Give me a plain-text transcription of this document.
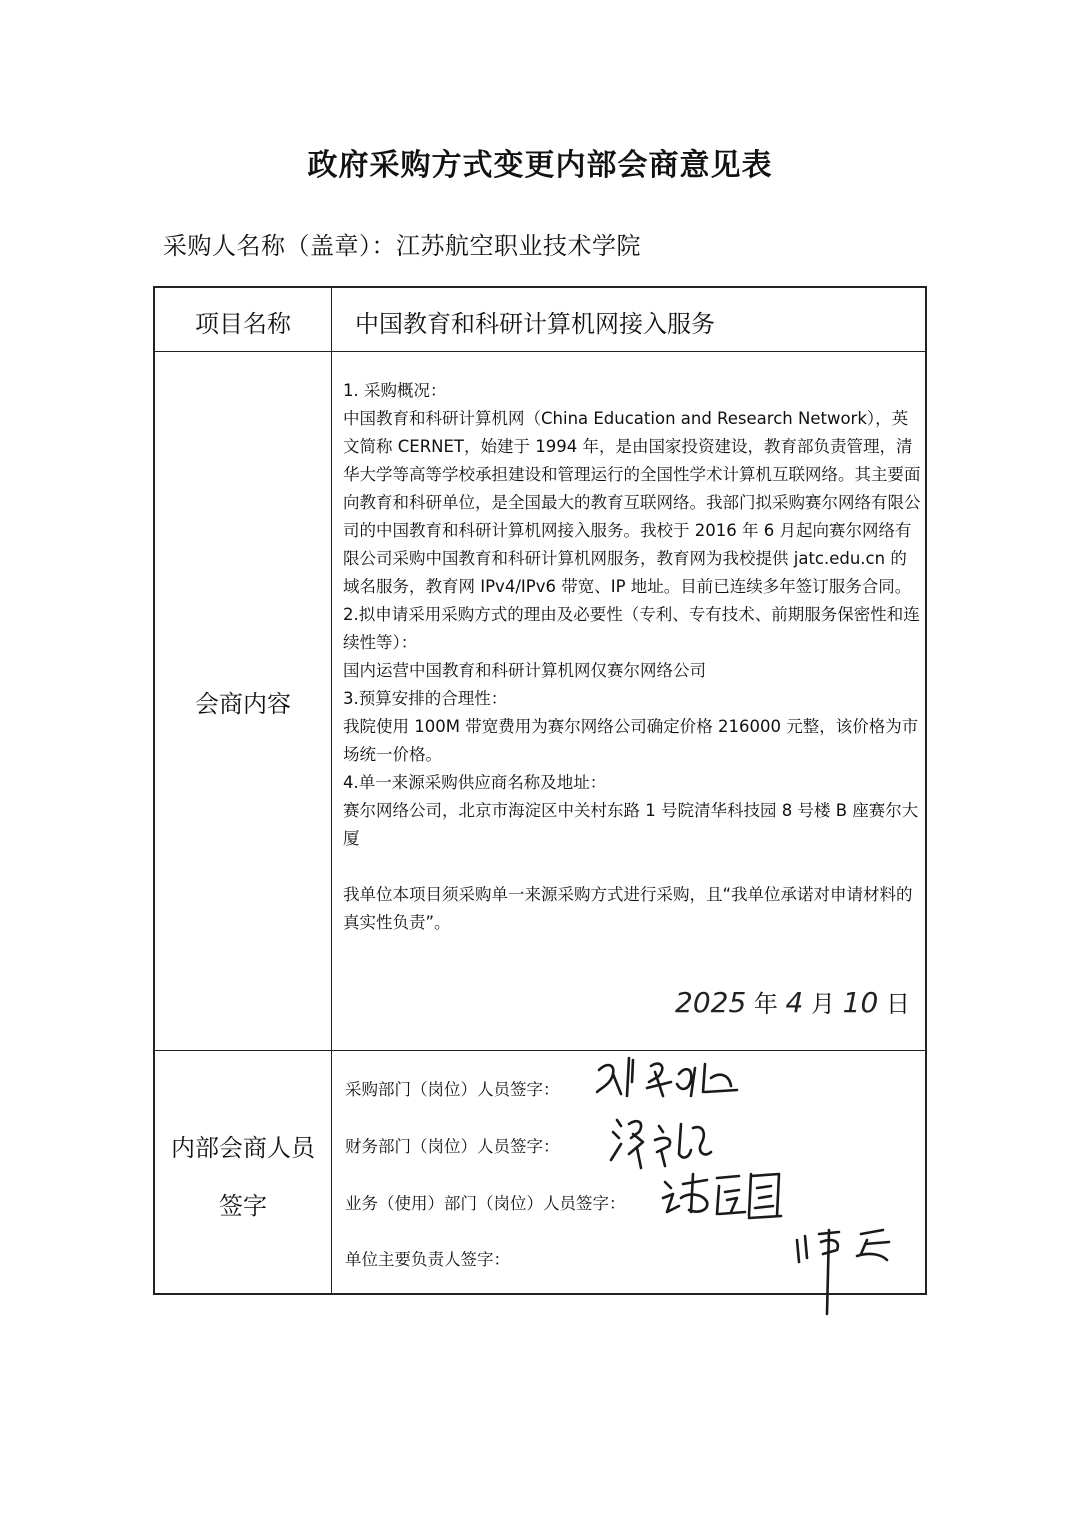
政府采购方式变更内部会商意见表
采购人名称（盖章）：江苏航空职业技术学院
项目名称	中国教育和科研计算机网接入服务
会商内容

1. 采购概况：

中国教育和科研计算机网（China Education and Research Network），英文简称 CERNET，始建于 1994 年，是由国家投资建设，教育部负责管理，清华大学等高等学校承担建设和管理运行的全国性学术计算机互联网络。其主要面向教育和科研单位，是全国最大的教育互联网络。我部门拟采购赛尔网络有限公司的中国教育和科研计算机网接入服务。我校于 2016 年 6 月起向赛尔网络有限公司采购中国教育和科研计算机网服务，教育网为我校提供 jatc.edu.cn 的域名服务，教育网 IPv4/IPv6 带宽、IP 地址。目前已连续多年签订服务合同。

2.拟申请采用采购方式的理由及必要性（专利、专有技术、前期服务保密性和连续性等）：

国内运营中国教育和科研计算机网仅赛尔网络公司

3.预算安排的合理性：

我院使用 100M 带宽费用为赛尔网络公司确定价格 216000 元整，该价格为市场统一价格。

4.单一来源采购供应商名称及地址：

赛尔网络公司，北京市海淀区中关村东路 1 号院清华科技园 8 号楼 B 座赛尔大厦

我单位本项目须采购单一来源采购方式进行采购，且“我单位承诺对申请材料的真实性负责”。

2025 年 4 月 10 日
内部会商人员
签字
采购部门（岗位）人员签字：
财务部门（岗位）人员签字：
业务（使用）部门（岗位）人员签字：
单位主要负责人签字：
